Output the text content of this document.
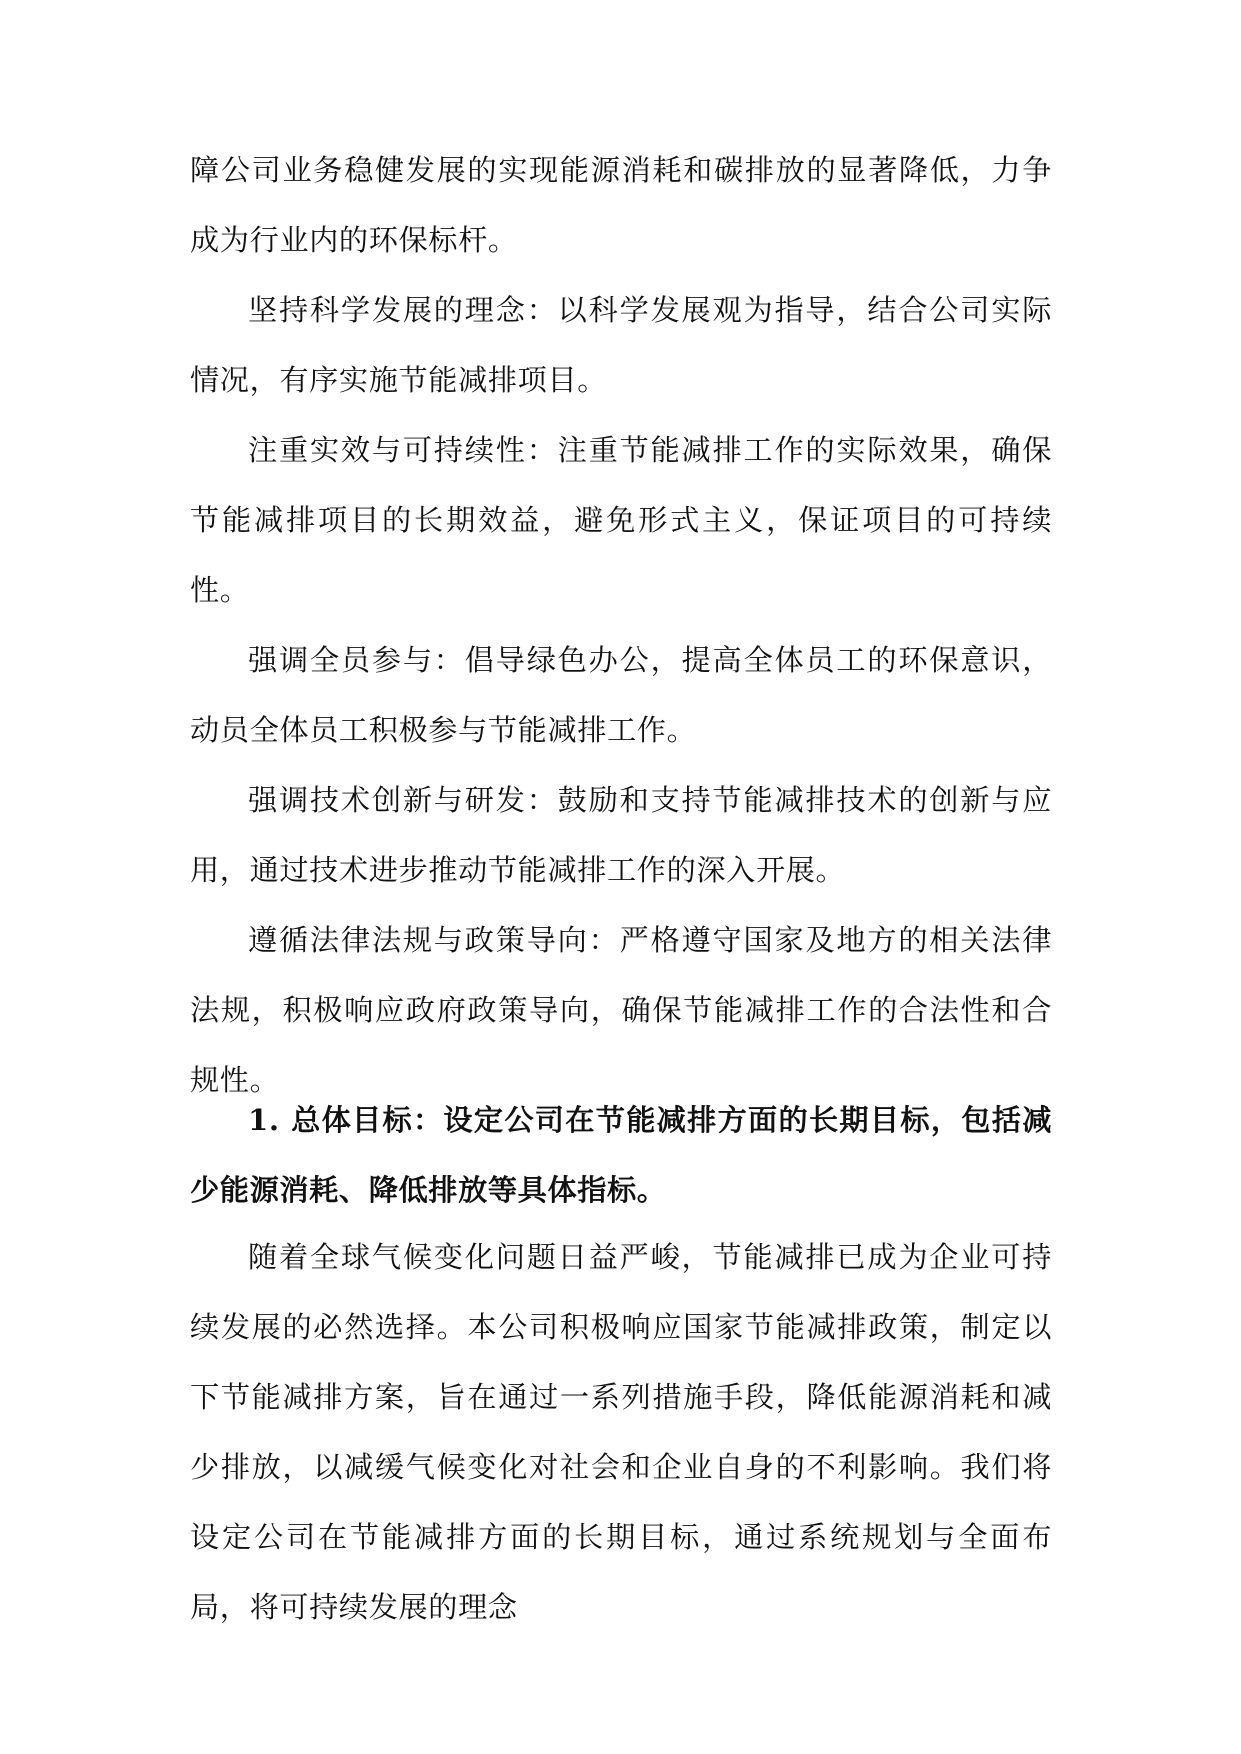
障公司业务稳健发展的实现能源消耗和碳排放的显著降低，力争成为行业内的环保标杆。

坚持科学发展的理念：以科学发展观为指导，结合公司实际情况，有序实施节能减排项目。

注重实效与可持续性：注重节能减排工作的实际效果，确保节能减排项目的长期效益，避免形式主义，保证项目的可持续性。

强调全员参与：倡导绿色办公，提高全体员工的环保意识，动员全体员工积极参与节能减排工作。

强调技术创新与研发：鼓励和支持节能减排技术的创新与应用，通过技术进步推动节能减排工作的深入开展。

遵循法律法规与政策导向：严格遵守国家及地方的相关法律法规，积极响应政府政策导向，确保节能减排工作的合法性和合规性。

1. 总体目标：设定公司在节能减排方面的长期目标，包括减少能源消耗、降低排放等具体指标。

随着全球气候变化问题日益严峻，节能减排已成为企业可持续发展的必然选择。本公司积极响应国家节能减排政策，制定以下节能减排方案，旨在通过一系列措施手段，降低能源消耗和减少排放，以减缓气候变化对社会和企业自身的不利影响。我们将设定公司在节能减排方面的长期目标，通过系统规划与全面布局，将可持续发展的理念
